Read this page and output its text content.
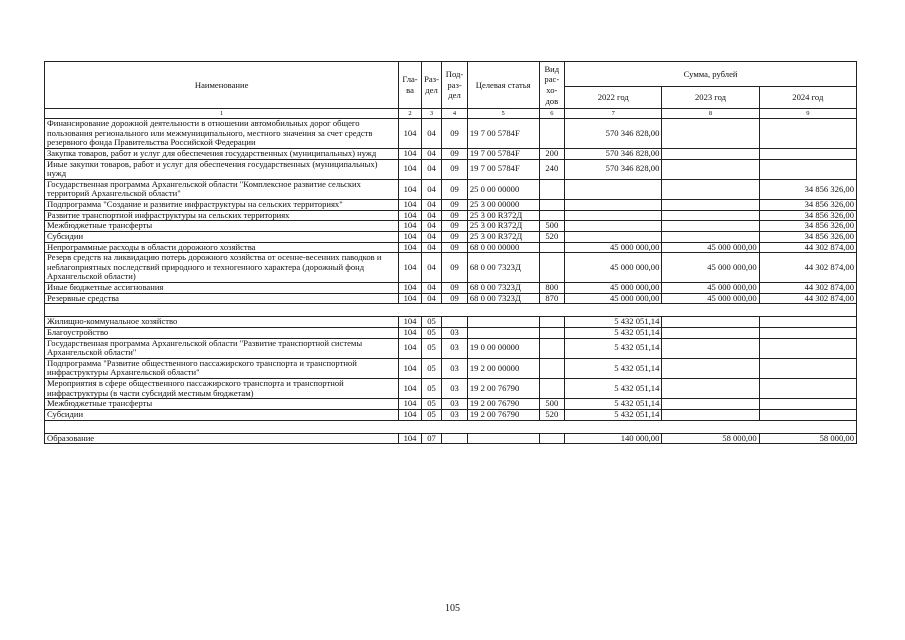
Наименование	Гла-ва	Раз-дел	Под-раз-дел	Целевая статья	Вид рас-хо-дов	Сумма, рублей		
						2022 год	2023 год	2024 год
1	2	3	4	5	6	7	8	9
Финансирование дорожной деятельности в отношении автомобильных дорог общего пользования регионального или межмуниципального, местного значения за счет средств резервного фонда Правительства Российской Федерации	104	04	09	19 7 00 5784F		570 346 828,00		
Закупка товаров, работ и услуг для обеспечения государственных (муниципальных) нужд	104	04	09	19 7 00 5784F	200	570 346 828,00		
Иные закупки товаров, работ и услуг для обеспечения государственных (муниципальных) нужд	104	04	09	19 7 00 5784F	240	570 346 828,00		
Государственная программа Архангельской области "Комплексное развитие сельских территорий Архангельской области"	104	04	09	25 0 00 00000				34 856 326,00
Подпрограмма "Создание и развитие инфраструктуры на сельских территориях"	104	04	09	25 3 00 00000				34 856 326,00
Развитие транспортной инфраструктуры на сельских территориях	104	04	09	25 3 00 R372Д				34 856 326,00
Межбюджетные трансферты	104	04	09	25 3 00 R372Д	500			34 856 326,00
Субсидии	104	04	09	25 3 00 R372Д	520			34 856 326,00
Непрограммные расходы в области дорожного хозяйства	104	04	09	68 0 00 00000		45 000 000,00	45 000 000,00	44 302 874,00
Резерв средств на ликвидацию потерь дорожного хозяйства от осенне-весенних паводков и неблагоприятных последствий природного и техногенного характера (дорожный фонд Архангельской области)	104	04	09	68 0 00 7323Д		45 000 000,00	45 000 000,00	44 302 874,00
Иные бюджетные ассигнования	104	04	09	68 0 00 7323Д	800	45 000 000,00	45 000 000,00	44 302 874,00
Резервные средства	104	04	09	68 0 00 7323Д	870	45 000 000,00	45 000 000,00	44 302 874,00

Жилищно-коммунальное хозяйство	104	05				5 432 051,14		
Благоустройство	104	05	03			5 432 051,14		
Государственная программа Архангельской области "Развитие транспортной системы Архангельской области"	104	05	03	19 0 00 00000		5 432 051,14		
Подпрограмма "Развитие общественного пассажирского транспорта и транспортной инфраструктуры Архангельской области"	104	05	03	19 2 00 00000		5 432 051,14		
Мероприятия в сфере общественного пассажирского транспорта и транспортной инфраструктуры (в части субсидий местным бюджетам)	104	05	03	19 2 00 76790		5 432 051,14		
Межбюджетные трансферты	104	05	03	19 2 00 76790	500	5 432 051,14		
Субсидии	104	05	03	19 2 00 76790	520	5 432 051,14		

Образование	104	07				140 000,00	58 000,00	58 000,00
105
